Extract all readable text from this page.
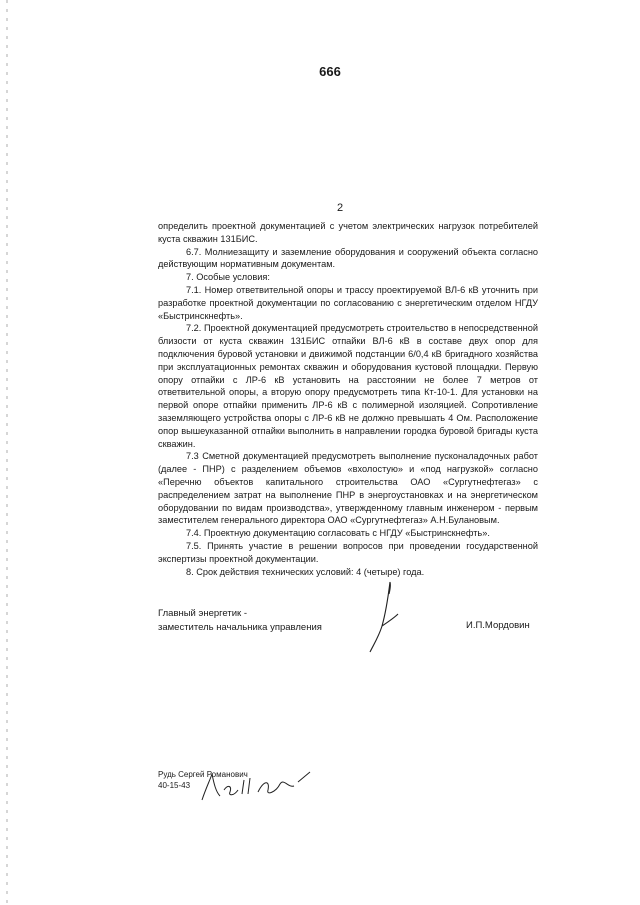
666
2

определить проектной документацией с учетом электрических нагрузок потребителей куста скважин 131БИС.

6.7. Молниезащиту и заземление оборудования и сооружений объекта согласно действующим нормативным документам.

7. Особые условия:

7.1. Номер ответвительной опоры и трассу проектируемой ВЛ-6 кВ уточнить при разработке проектной документации по согласованию с энергетическим отделом НГДУ «Быстринскнефть».

7.2. Проектной документацией предусмотреть строительство в непосредственной близости от куста скважин 131БИС отпайки ВЛ-6 кВ в составе двух опор для подключения буровой установки и движимой подстанции 6/0,4 кВ бригадного хозяйства при эксплуатационных ремонтах скважин и оборудования кустовой площадки. Первую опору отпайки с ЛР-6 кВ установить на расстоянии не более 7 метров от ответвительной опоры, а вторую опору предусмотреть типа Кт-10-1. Для установки на первой опоре отпайки применить ЛР-6 кВ с полимерной изоляцией. Сопротивление заземляющего устройства опоры с ЛР-6 кВ не должно превышать 4 Ом. Расположение опор вышеуказанной отпайки выполнить в направлении городка буровой бригады куста скважин.

7.3 Сметной документацией предусмотреть выполнение пусконаладочных работ (далее - ПНР) с разделением объемов «вхолостую» и «под нагрузкой» согласно «Перечню объектов капитального строительства ОАО «Сургутнефтегаз» с распределением затрат на выполнение ПНР в энергоустановках и на энергетическом оборудовании по видам производства», утвержденному главным инженером - первым заместителем генерального директора ОАО «Сургутнефтегаз» А.Н.Булановым.

7.4. Проектную документацию согласовать с НГДУ «Быстринскнефть».

7.5. Принять участие в решении вопросов при проведении государственной экспертизы проектной документации.

8. Срок действия технических условий: 4 (четыре) года.

Главный энергетик -
заместитель начальника управления	И.П.Мордовин
Рудь Сергей Романович
40-15-43
